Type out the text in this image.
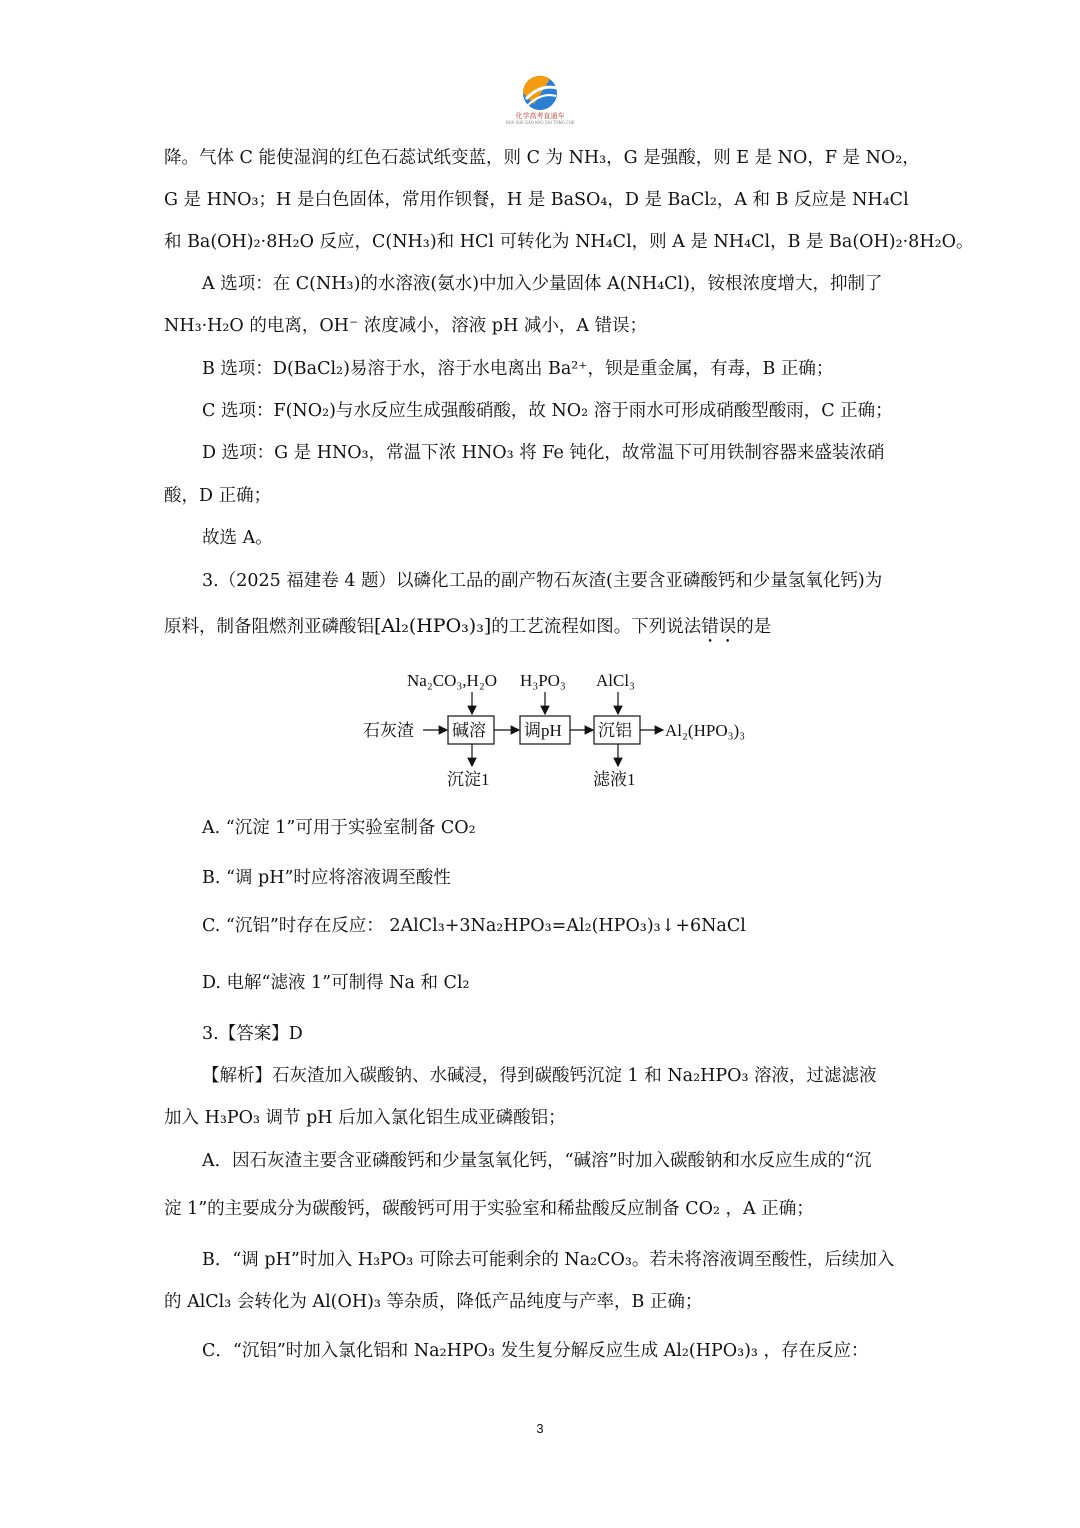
化学高考直通车
HUA XUE GAO KAO ZHI TONG CHE
降。气体 C 能使湿润的红色石蕊试纸变蓝，则 C 为 NH₃，G 是强酸，则 E 是 NO，F 是 NO₂，
G 是 HNO₃；H 是白色固体，常用作钡餐，H 是 BaSO₄，D 是 BaCl₂，A 和 B 反应是 NH₄Cl
和 Ba(OH)₂·8H₂O 反应，C(NH₃)和 HCl 可转化为 NH₄Cl，则 A 是 NH₄Cl，B 是 Ba(OH)₂·8H₂O。
A 选项：在 C(NH₃)的水溶液(氨水)中加入少量固体 A(NH₄Cl)，铵根浓度增大，抑制了
NH₃·H₂O 的电离，OH⁻ 浓度减小，溶液 pH 减小，A 错误；
B 选项：D(BaCl₂)易溶于水，溶于水电离出 Ba²⁺，钡是重金属，有毒，B 正确；
C 选项：F(NO₂)与水反应生成强酸硝酸，故 NO₂ 溶于雨水可形成硝酸型酸雨，C 正确；
D 选项：G 是 HNO₃，常温下浓 HNO₃ 将 Fe 钝化，故常温下可用铁制容器来盛装浓硝
酸，D 正确；
故选 A。
3.（2025 福建卷 4 题）以磷化工品的副产物石灰渣(主要含亚磷酸钙和少量氢氧化钙)为
原料，制备阻燃剂亚磷酸铝[Al₂(HPO₃)₃]的工艺流程如图。下列说法错误的是
Na₂CO₃,H₂O H₃PO₃ AlCl₃
石灰渣 碱溶 调pH 沉铝 Al₂(HPO₃)₃
沉淀1	滤液1
A. “沉淀 1”可用于实验室制备 CO₂
B. “调 pH”时应将溶液调至酸性
C. “沉铝”时存在反应： 2AlCl₃+3Na₂HPO₃=Al₂(HPO₃)₃↓+6NaCl
D. 电解“滤液 1”可制得 Na 和 Cl₂
3.【答案】D
【解析】石灰渣加入碳酸钠、水碱浸，得到碳酸钙沉淀 1 和 Na₂HPO₃ 溶液，过滤滤液
加入 H₃PO₃ 调节 pH 后加入氯化铝生成亚磷酸铝；
A．因石灰渣主要含亚磷酸钙和少量氢氧化钙，“碱溶”时加入碳酸钠和水反应生成的“沉
淀 1”的主要成分为碳酸钙，碳酸钙可用于实验室和稀盐酸反应制备 CO₂ ，A 正确；
B．“调 pH”时加入 H₃PO₃ 可除去可能剩余的 Na₂CO₃。若未将溶液调至酸性，后续加入
的 AlCl₃ 会转化为 Al(OH)₃ 等杂质，降低产品纯度与产率，B 正确；
C．“沉铝”时加入氯化铝和 Na₂HPO₃ 发生复分解反应生成 Al₂(HPO₃)₃ ，存在反应：
3
